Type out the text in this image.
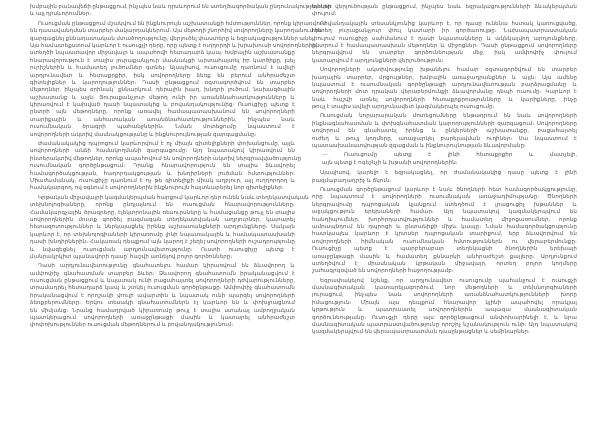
խմբային բանավեճի ընթացքում, ինչպես նաև դրսևորում են ստեղծագործական ընդունակություններ
և այլ դրսևորումներ։
Ուսուցման ընթացքում մշակվում են ինքնուրույն աշխատանքի հմտություններ, որոնք կիրառվում
են դասավանդման տարբեր մակարդակներում։ Այս մեթոդի շնորհիվ սովորողները կարողանում են
զարգացնել քննադատական մտածողությունը, վերլուծել փաստերը և եզրակացություններ անել։
Այս համատեքստում կարևոր է ուսուցչի դերը, որը պետք է ուղղորդի և խրախուսի սովորողներին,
ստեղծի նպաստավոր միջավայր և ապահովի հետադարձ կապ։ Խմբային աշխատանքը
հնարավորություն է տալիս յուրաքանչյուր մասնակցի արտահայտել իր կարծիքը, լսել
ուրիշներին և համատեղ լուծումներ գտնել։ Այսպիսով, ուսուցումը դառնում է ավելի
արդյունավետ և հետաքրքիր, իսկ սովորողները ձեռք են բերում անհրաժեշտ
գիտելիքներ և կարողություններ։ Դասի ընթացքում օգտագործվում են տարբեր
մեթոդներ, ինչպես օրինակ՝ քննարկում, դերային խաղ, խնդրի լուծում, նախագծային
աշխատանք և այլն։ Յուրաքանչյուր մեթոդ ունի իր առանձնահատկությունները և
կիրառվում է կախված դասի նպատակից և բովանդակությունից։ Ուսուցիչը պետք է
ընտրի այն մեթոդները, որոնք առավել համապատասխանում են սովորողների
տարիքային և անհատական առանձնահատկություններին, ինչպես նաև
ուսումնական ծրագրի պահանջներին։ Նման մոտեցումը նպաստում է
սովորողների ակտիվ մասնակցությանը և ինքնուրույնության զարգացմանը։
Ժամանակակից դպրոցում կարևորվում է ոչ միայն գիտելիքների փոխանցումը, այլև
սովորողների անձի համակողմանի զարգացումը։ Այդ նպատակով կիրառվում են
ինտերակտիվ մեթոդներ, որոնք ապահովում են սովորողների ակտիվ ներգրավվածությունը
ուսումնական գործընթացում։ Դրանք հնարավորություն են տալիս ձևավորել
համագործակցության, հաղորդակցության և խնդիրների լուծման հմտություններ։
Միաժամանակ, ուսուցիչը դառնում է ոչ թե գիտելիքի միակ աղբյուր, այլ ուղղորդող և
համակարգող, ով օգնում է սովորողներին ինքնուրույն հայտնաբերել նոր գիտելիքներ։
Կրթական միջավայրի կազմակերպման հարցում կարևոր դեր ունեն նաև տեղեկատվական
տեխնոլոգիաները, որոնք ընդլայնում են ուսուցման հնարավորությունները։
Համակարգչային ծրագրերը, էլեկտրոնային ռեսուրսները և համացանցը թույլ են տալիս
սովորողներին մուտք գործել բազմազան տեղեկատվական աղբյուրներ, կատարել
հետազոտություններ և ներկայացնել իրենց աշխատանքների արդյունքները։ Սակայն
կարևոր է, որ տեխնոլոգիաների կիրառումը լինի նպատակային և համապատասխանի
դասի խնդիրներին։ Հակառակ դեպքում այն կարող է շեղել սովորողների ուշադրությունը
և նվազեցնել ուսուցման արդյունավետությունը։ Ուստի ուսուցիչը պետք է
մանրակրկիտ պլանավորի դասը՝ հաշվի առնելով բոլոր գործոնները։
Դասի արդյունավետությունը գնահատելու համար կիրառվում են ձևավորող և
ամփոփիչ գնահատման տարբեր ձևեր։ Ձևավորող գնահատումն իրականացվում է
ուսուցման ընթացքում և նպատակ ունի բացահայտել սովորողների դժվարությունները,
տրամադրել հետադարձ կապ և շտկել ուսուցման գործընթացը։ Ամփոփիչ գնահատումն
իրականացվում է որոշակի փուլի ավարտին և նպատակ ունի պարզել սովորողների
ձեռքբերումները։ Երկու տեսակի գնահատումներն էլ կարևոր են և փոխլրացնում
են միմյանց։ Նրանց համադրված կիրառումը թույլ է տալիս ստանալ ամբողջական
պատկերացում սովորողների առաջընթացի մասին և կատարել անհրաժեշտ
փոփոխություններ ուսուցման մեթոդներում և բովանդակությունում։
նյութի վերլուծության ընթացքում, ինչպես նաև եզրակացությունների ձևակերպման
փուլում։
Բովանդակային տեսանկյունից կարևոր է, որ դասը ունենա հստակ կառուցվածք,
որտեղ յուրաքանչյուր փուլ կատարի իր գործառույթը։ Նախապատրաստական
փուլում ուսուցիչը սահմանում է դասի նպատակները և ակնկալվող արդյունքները,
ընտրում է համապատասխան մեթոդներ և միջոցներ։ Դասի ընթացքում սովորողները
ներգրավվում են տարբեր գործունեության մեջ, իսկ ամփոփիչ փուլում
կատարվում է արդյունքների վերլուծություն։
Սովորողների ակտիվությունը խթանելու համար օգտագործվում են տարբեր
խաղային տարրեր, մրցույթներ, խմբային առաջադրանքներ և այլն։ Այս ամենը
նպաստում է ուսումնական գործընթացի արդյունավետության բարձրացմանը և
սովորողների մոտ դրական վերաբերմունքի ձևավորմանը դեպի ուսումը։ Կարևոր է
նաև հաշվի առնել սովորողների հետաքրքրությունները և կարիքները, ինչը
թույլ է տալիս ավելի արդյունավետ կազմակերպել ուսուցումը։
Ուսուցման նորարարական մոտեցումները ենթադրում են նաև սովորողների
ինքնագնահատման և փոխգնահատման կարողությունների զարգացում։ Սովորողները
սովորում են գնահատել իրենց և ընկերների աշխատանքը, բացահայտել
ուժեղ և թույլ կողմերը, առաջարկել բարելավման ուղիներ։ Սա նպաստում է
պատասխանատվության զգացման և ինքնուրույնության ձևավորմանը։
— Ուսուցումը պետք է լինի հետաքրքիր և մատչելի,
այն պետք է ոգեշնչի և խթանի սովորողներին։
Այսպիսով, կարելի է եզրակացնել, որ ժամանակակից դասը պետք է լինի
բազմաբաղադրիչ և ճկուն։
Ուսուցման գործընթացում կարևոր է նաև ծնողների հետ համագործակցությունը,
որը նպաստում է սովորողների ուսումնական առաջադիմությանը։ Ծնողների
ներգրավումը դպրոցական կյանքում ստեղծում է լրացուցիչ խթաններ և
աջակցություն երեխաների համար։ Այդ նպատակով կազմակերպվում են
հանդիպումներ, խորհրդատվություններ և համատեղ միջոցառումներ, որոնք
ամրապնդում են դպրոցի և ընտանիքի միջև կապը։ Նման համագործակցությունը
հատկապես կարևոր է կրտսեր դպրոցական տարիքում, երբ ձևավորվում են
սովորողների հիմնական ուսումնական հմտություններն ու վերաբերմունքը։
Ուսուցիչը պետք է պարբերաբար տեղեկացնի ծնողներին երեխայի
առաջընթացի մասին և համատեղ քննարկի անհրաժեշտ քայլերը։ Արդյունքում
ստեղծվում է միասնական կրթական միջավայր, որտեղ բոլոր կողմերը
շահագրգռված են սովորողների հաջողությամբ։
Եզրափակելով նշենք, որ արդյունավետ ուսուցումը պահանջում է ուսուցչի
մասնագիտական կատարելագործում, նոր մեթոդների և տեխնոլոգիաների
յուրացում, ինչպես նաև սովորողների առանձնահատկությունների խորը
իմացություն։ Միայն այս դեպքում հնարավոր կլինի ապահովել որակյալ
կրթություն և պատրաստել սովորողներին ապագա մասնագիտական
գործունեությանը։ Ուսուցչի դերը այս գործընթացում անփոխարինելի է, և նրա
մասնագիտական պատրաստվածությունը որոշիչ նշանակություն ունի։ Այդ նպատակով
կազմակերպվում են վերապատրաստման դասընթացներ և սեմինարներ։
